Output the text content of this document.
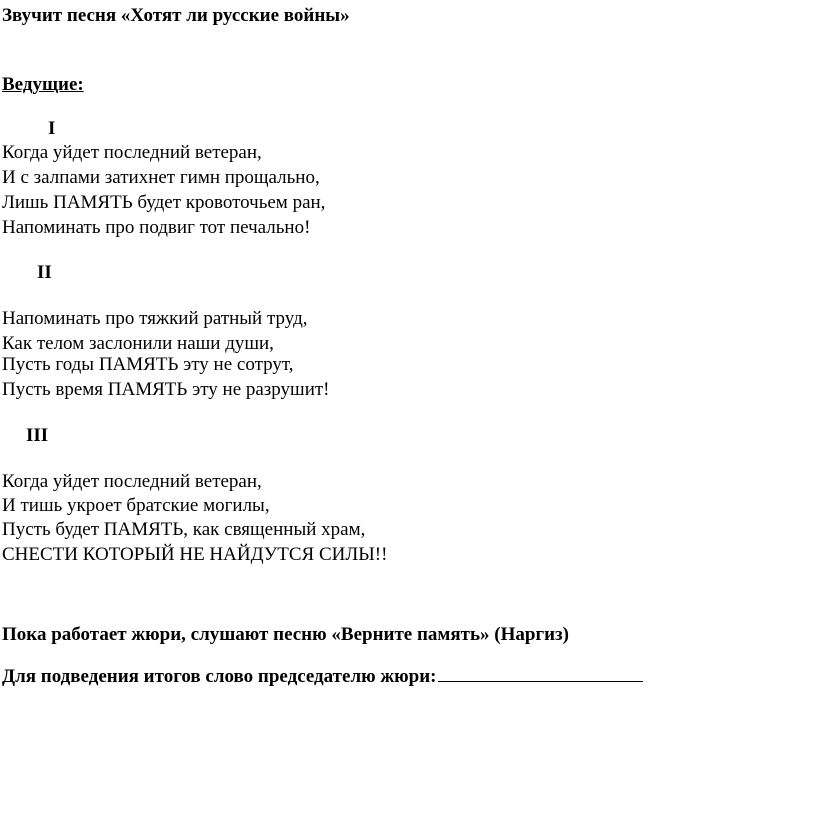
Звучит песня «Хотят ли русские войны»
Ведущие:
I
Когда уйдет последний ветеран,
И с залпами затихнет гимн прощально,
Лишь ПАМЯТЬ будет кровоточьем ран,
Напоминать про подвиг тот печально!
II
Напоминать про тяжкий ратный труд,
Как телом заслонили наши души,
Пусть годы ПАМЯТЬ эту не сотрут,
Пусть время ПАМЯТЬ эту не разрушит!
III
Когда уйдет последний ветеран,
И тишь укроет братские могилы,
Пусть будет ПАМЯТЬ, как священный храм,
СНЕСТИ КОТОРЫЙ НЕ НАЙДУТСЯ СИЛЫ!!
Пока работает жюри, слушают песню «Верните память» (Наргиз)
Для подведения итогов слово председателю жюри:
